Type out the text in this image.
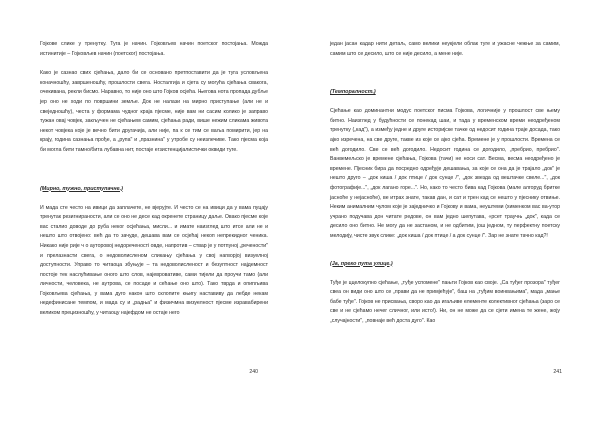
Гојкове слике у тренутку. Туга је начин. Гојковљев начин поетског постојања. Можда истинитије – Гојковљев начин (поетског) постојања.

Како је сазнао свих сјећања, дало би се основано претпоставити да је туга условљена коначношћу, завршеношћу, прошлости свега. Носталгија и сјета су могућа сјећања свакога, очекивана, рекли бисмо. Наравно, то није оно што Гојков осјећа. Његова нота пропада дубље јер оно не ходи по површини земље. Док не налази на мирно приступање (али не и свеједношћу), честа у формама чудног краја пјесме, није вам ни сасим колико је заправо тужан овај човјек, закључен не сјећањем самим, сјећања ради, више нежим сликама живота некот човјека које је вечно бити другачија, али није, па к се тим се ваља помирити, јер на крају, година сазнања прође, а „рупа" и „празнина" у утробе су неизлечиве. Тако пјесма која би могла бити тамно/бита лубавна нит, постаје егзистенцијалистички оквиди туге.

(Мирно, тужно, приступачне.)

И мада сте често на ивици да заплачете, не вјерујте. И често се на ивици да у вама пуцају тренутак резигнираности, али се оно не десе кад окренете страницу даље. Овако пјесме које вас сталио доводе до руба неког осјећања, мисли... и имате наизглед што итсе али не и нешто што отвојено: већ да то зачуде, дешава вам се осјећај некоп непрекидног ченика. Никако није рије ч о ауторовој недореченості овде, напротив – ствар је у потпуној „речености" и прелазнасти свега, о недоволисленом сликању сјећања у свој нагворјој визуелној доступности. Управо то читаоца збуњује – та недоволисленост и безуптност најдемност постоје тек наслућивање оного што слов, најевровативе, сами тијели да проучи тамо (али личности, человека, не аутрова, се посаде и сећање оно што). Тако тврда и опипљива Гојковљева сјећања, у вама дуго након што склопите књигу наставиву да лебде некам недефинисане темпом, и мада су и „радња" и физичмна визуелност пјесме изравабирени великом прецизношћу, у читаоцу најефдом не остаје него

240

један јасан кадар нити детаљ, само велики неукјели облак туге и ужасне чежње за самим, самим што се десило, што се није десило, а мене није.

(Темпоралност.)

Сјећање као доминантни модус поетског писма Гојкова, логичније у прошлост све њему битно. Наизглед у будућности се понекад шаи, и тада у временском времи неодређеном тренутку („кад"), а између једне и друге историјске тачке од недосит година траје досада, тако ајко изречена, на све друге, такве из које се ајко сјећа. Времене је у прошлости. Времена се већ догодило. Све се већ догодило. Недосит година се догодило, „пребрио, пребрио". Ванвемељско је времене сјећања, Гојкова (тачи) не носи сат. Весма, весма неодређено је времене. Пјесник бира да посредно одређује дешавања, за које се она да је трајало „док" је нешто друго – „док киша / док птице / док сунце /", „док звезда од вештачке свеле...", „док фотографије...", „док лагано горе...". Но, како то често бива кад Гојкова (мале алгоруд бритке јасноће у нејасноће), ве итрах знате, такав дан, и сат и трен кад се нешто у пјеснику отвиње. Неким анималним чулом које је заједничко и Гојкову и вама, неуштеми (хименком вас ва-утор учрано подучава дон читате редове, он вам једно шепутава, «рсет траучњ „док", када се десило оно битно. Не могу да не застаном, и не одбитим, још једном, ту перфектну поетску мелодију, чисте звук слике: „док киша / док птице / а док сунце /". Зар не знате тачно кад?!

(Ја, преко пута улице.)

Туђе је ццелокупно сјећање, „туђе успомене" пањти Гојков као своје. „Са туђег прозора" туђег свеа он види оно што се „прави да не примјећује", баш на „туђим воинвањима", мада „мање бабе туђе". Гојков не присвања, своро као да игаљиве елементе колективног сјећања (заро се све и не сјећамо нечег сличног, или исто!). Ни, он не може да се сјети имена те жене, жоју „случајности", „повнаје већ доста дуго". Као

241
